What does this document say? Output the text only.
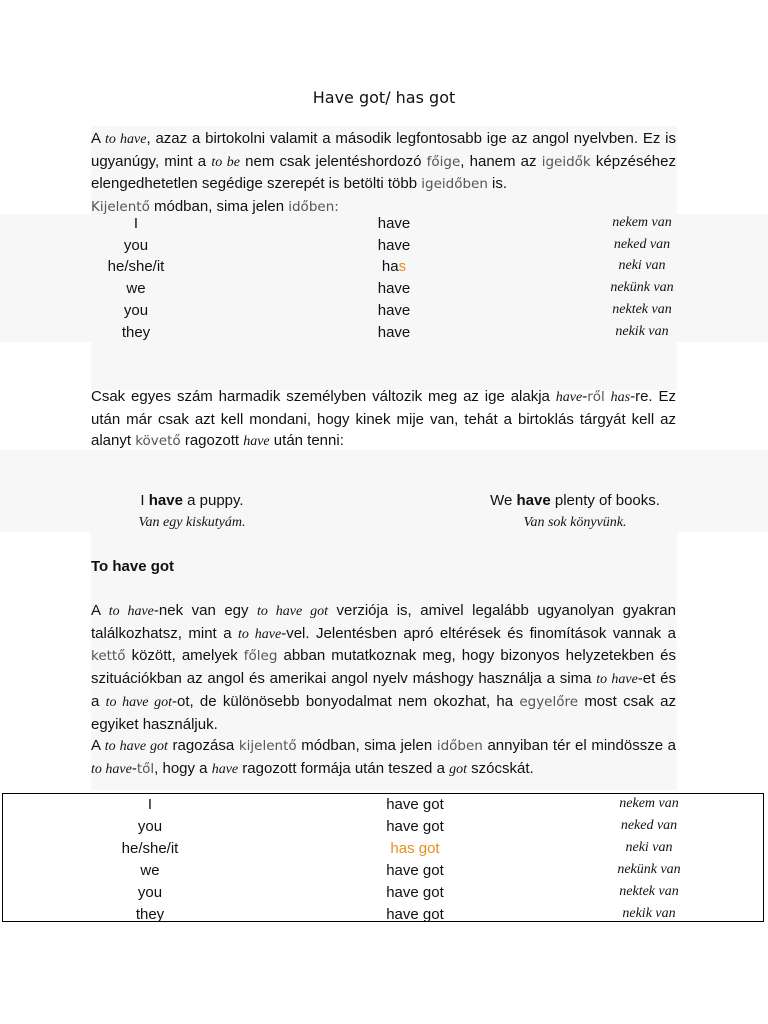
Have got/ has got

A to have, azaz a birtokolni valamit a második legfontosabb ige az angol nyelvben. Ez is ugyanúgy, mint a to be nem csak jelentéshordozó főige, hanem az igeidők képzéséhez elengedhetetlen segédige szerepét is betölti több igeidőben is.

Kijelentő módban, sima jelen időben:

I	have	nekem van
you	have	neked van
he/she/it	has	neki van
we	have	nekünk van
you	have	nektek van
they	have	nekik van

Csak egyes szám harmadik személyben változik meg az ige alakja have-ről has-re. Ez után már csak azt kell mondani, hogy kinek mije van, tehát a birtoklás tárgyát kell az alanyt követő ragozott have után tenni:

I have a puppy.
Van egy kiskutyám.
We have plenty of books.
Van sok könyvünk.
To have got

A to have-nek van egy to have got verziója is, amivel legalább ugyanolyan gyakran találkozhatsz, mint a to have-vel. Jelentésben apró eltérések és finomítások vannak a kettő között, amelyek főleg abban mutatkoznak meg, hogy bizonyos helyzetekben és szituációkban az angol és amerikai angol nyelv máshogy használja a sima to have-et és a to have got-ot, de különösebb bonyodalmat nem okozhat, ha egyelőre most csak az egyiket használjuk.

A to have got ragozása kijelentő módban, sima jelen időben annyiban tér el mindössze a to have-től, hogy a have ragozott formája után teszed a got szócskát.

I	have got	nekem van
you	have got	neked van
he/she/it	has got	neki van
we	have got	nekünk van
you	have got	nektek van
they	have got	nekik van
